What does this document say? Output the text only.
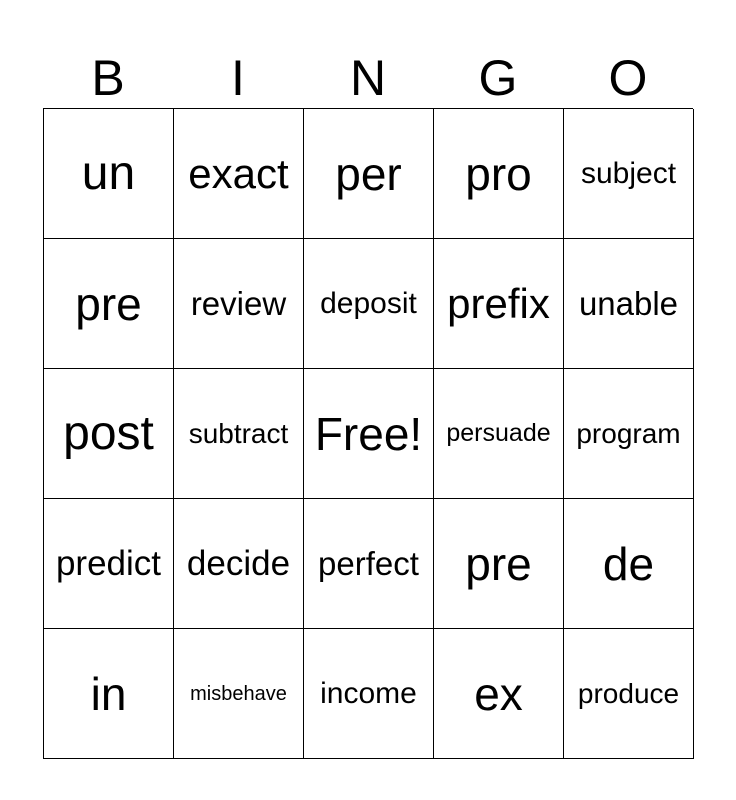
B	I	N	G	O
un exact per pro subject
pre review deposit prefix unable
post subtract Free! persuade program
predict decide perfect pre de
in	misbehave income ex produce
